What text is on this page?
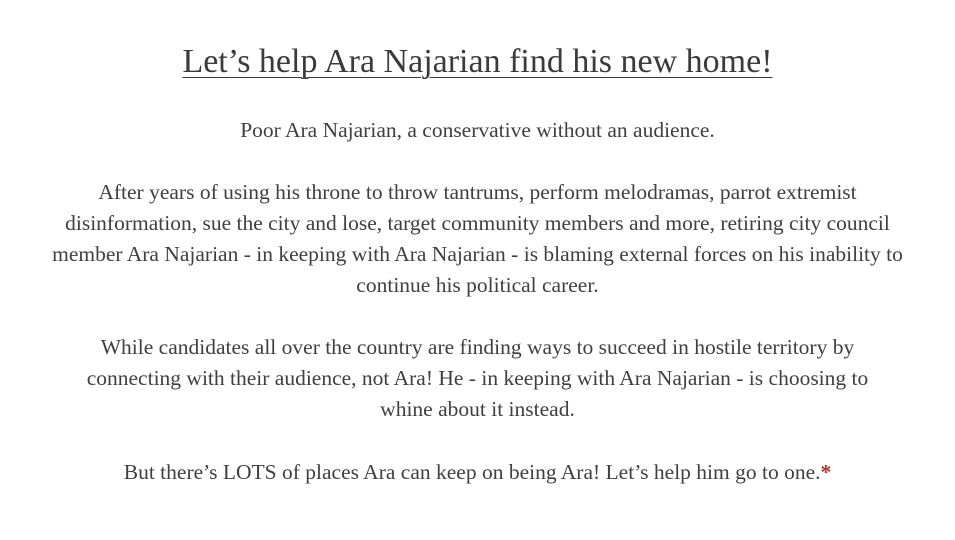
Let’s help Ara Najarian find his new home!

Poor Ara Najarian, a conservative without an audience.

After years of using his throne to throw tantrums, perform melodramas, parrot extremist disinformation, sue the city and lose, target community members and more, retiring city council member Ara Najarian - in keeping with Ara Najarian - is blaming external forces on his inability to continue his political career.

While candidates all over the country are finding ways to succeed in hostile territory by connecting with their audience, not Ara! He - in keeping with Ara Najarian - is choosing to whine about it instead.

But there’s LOTS of places Ara can keep on being Ara! Let’s help him go to one.*
